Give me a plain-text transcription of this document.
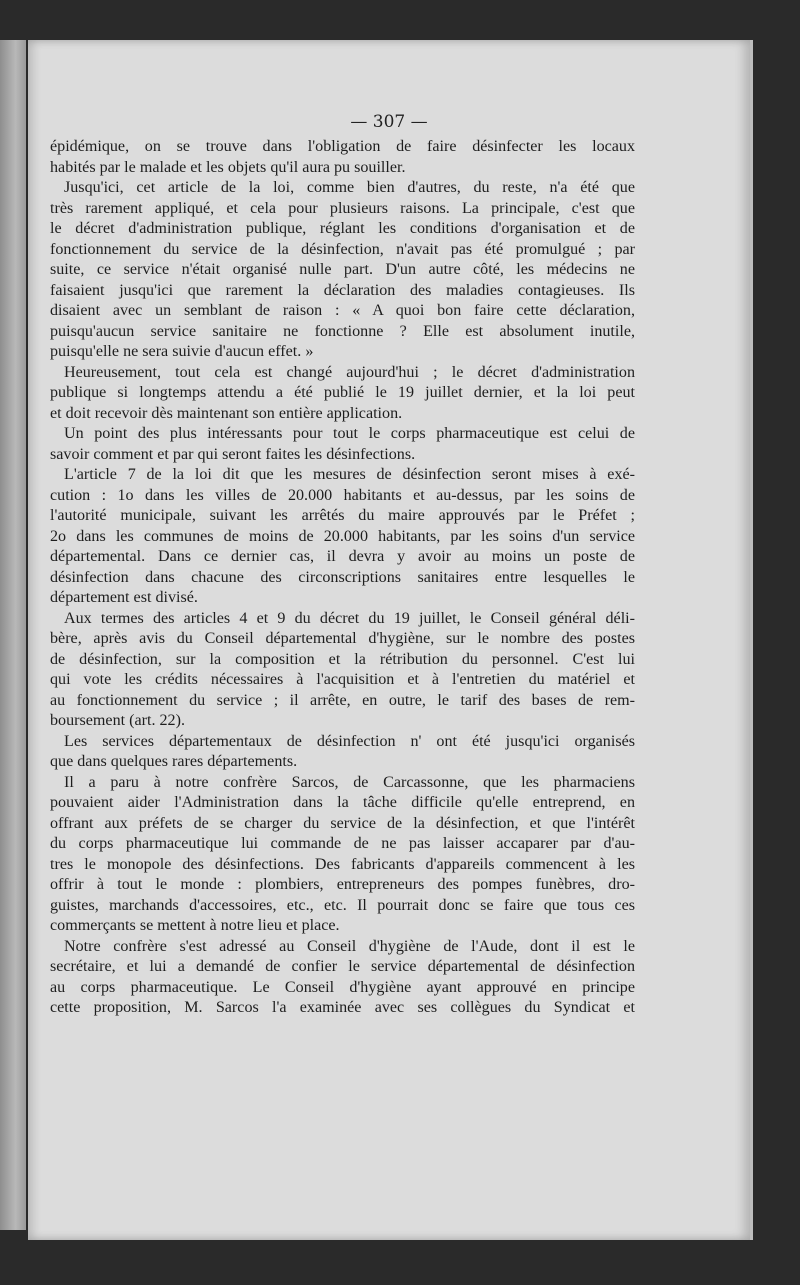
— 307 —
épidémique, on se trouve dans l'obligation de faire désinfecter les locaux
habités par le malade et les objets qu'il aura pu souiller.
Jusqu'ici, cet article de la loi, comme bien d'autres, du reste, n'a été que
très rarement appliqué, et cela pour plusieurs raisons. La principale, c'est que
le décret d'administration publique, réglant les conditions d'organisation et de
fonctionnement du service de la désinfection, n'avait pas été promulgué ; par
suite, ce service n'était organisé nulle part. D'un autre côté, les médecins ne
faisaient jusqu'ici que rarement la déclaration des maladies contagieuses. Ils
disaient avec un semblant de raison : « A quoi bon faire cette déclaration,
puisqu'aucun service sanitaire ne fonctionne ? Elle est absolument inutile,
puisqu'elle ne sera suivie d'aucun effet. »
Heureusement, tout cela est changé aujourd'hui ; le décret d'administration
publique si longtemps attendu a été publié le 19 juillet dernier, et la loi peut
et doit recevoir dès maintenant son entière application.
Un point des plus intéressants pour tout le corps pharmaceutique est celui de
savoir comment et par qui seront faites les désinfections.
L'article 7 de la loi dit que les mesures de désinfection seront mises à exé-
cution : 1o dans les villes de 20.000 habitants et au-dessus, par les soins de
l'autorité municipale, suivant les arrêtés du maire approuvés par le Préfet ;
2o dans les communes de moins de 20.000 habitants, par les soins d'un service
départemental. Dans ce dernier cas, il devra y avoir au moins un poste de
désinfection dans chacune des circonscriptions sanitaires entre lesquelles le
département est divisé.
Aux termes des articles 4 et 9 du décret du 19 juillet, le Conseil général déli-
bère, après avis du Conseil départemental d'hygiène, sur le nombre des postes
de désinfection, sur la composition et la rétribution du personnel. C'est lui
qui vote les crédits nécessaires à l'acquisition et à l'entretien du matériel et
au fonctionnement du service ; il arrête, en outre, le tarif des bases de rem-
boursement (art. 22).
Les services départementaux de désinfection n' ont été jusqu'ici organisés
que dans quelques rares départements.
Il a paru à notre confrère Sarcos, de Carcassonne, que les pharmaciens
pouvaient aider l'Administration dans la tâche difficile qu'elle entreprend, en
offrant aux préfets de se charger du service de la désinfection, et que l'intérêt
du corps pharmaceutique lui commande de ne pas laisser accaparer par d'au-
tres le monopole des désinfections. Des fabricants d'appareils commencent à les
offrir à tout le monde : plombiers, entrepreneurs des pompes funèbres, dro-
guistes, marchands d'accessoires, etc., etc. Il pourrait donc se faire que tous ces
commerçants se mettent à notre lieu et place.
Notre confrère s'est adressé au Conseil d'hygiène de l'Aude, dont il est le
secrétaire, et lui a demandé de confier le service départemental de désinfection
au corps pharmaceutique. Le Conseil d'hygiène ayant approuvé en principe
cette proposition, M. Sarcos l'a examinée avec ses collègues du Syndicat et
